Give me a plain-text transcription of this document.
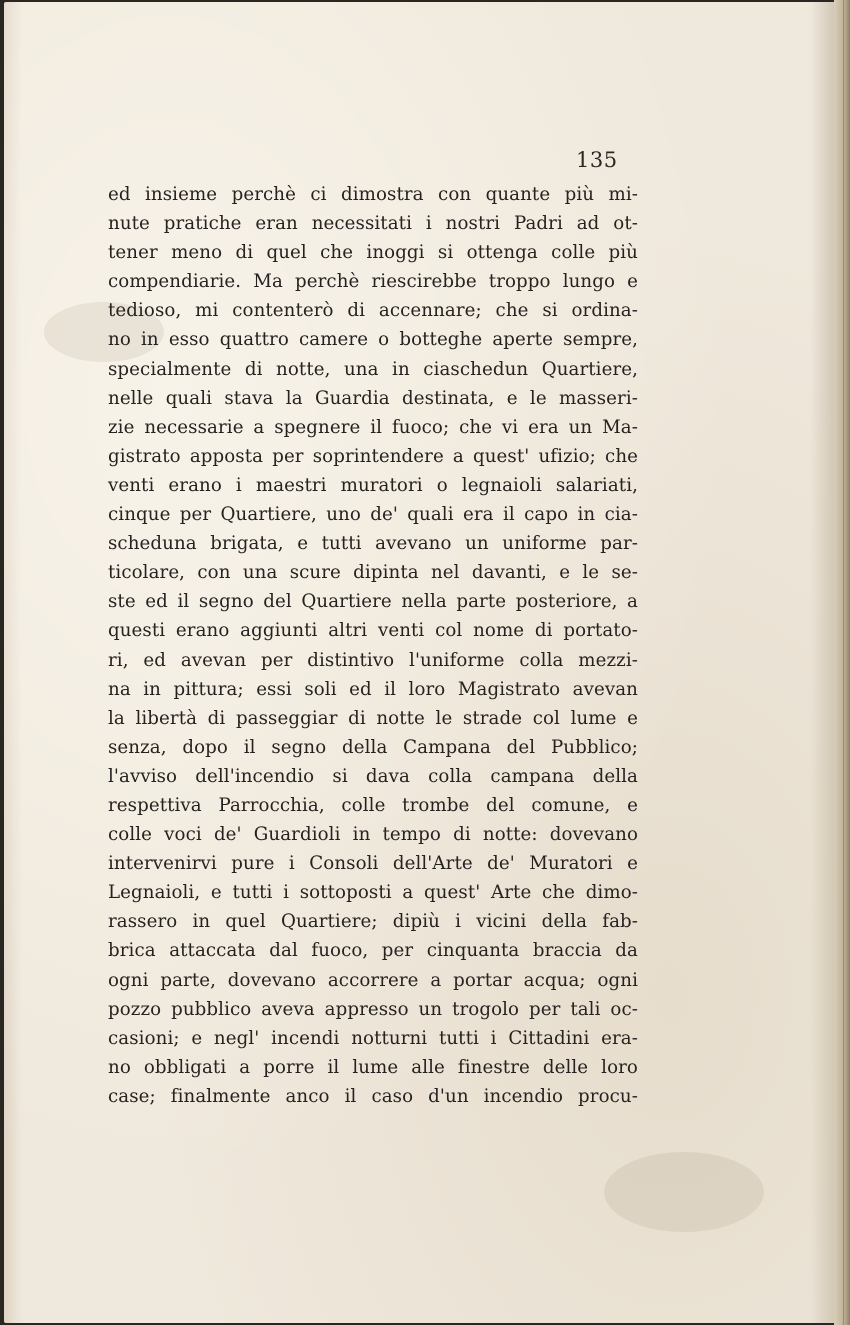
135
ed insieme perchè ci dimostra con quante più mi-
nute pratiche eran necessitati i nostri Padri ad ot-
tener meno di quel che inoggi si ottenga colle più
compendiarie. Ma perchè riescirebbe troppo lungo e
tedioso, mi contenterò di accennare; che si ordina-
no in esso quattro camere o botteghe aperte sempre,
specialmente di notte, una in ciaschedun Quartiere,
nelle quali stava la Guardia destinata, e le masseri-
zie necessarie a spegnere il fuoco; che vi era un Ma-
gistrato apposta per soprintendere a quest' ufizio; che
venti erano i maestri muratori o legnaioli salariati,
cinque per Quartiere, uno de' quali era il capo in cia-
scheduna brigata, e tutti avevano un uniforme par-
ticolare, con una scure dipinta nel davanti, e le se-
ste ed il segno del Quartiere nella parte posteriore, a
questi erano aggiunti altri venti col nome di portato-
ri, ed avevan per distintivo l'uniforme colla mezzi-
na in pittura; essi soli ed il loro Magistrato avevan
la libertà di passeggiar di notte le strade col lume e
senza, dopo il segno della Campana del Pubblico;
l'avviso dell'incendio si dava colla campana della
respettiva Parrocchia, colle trombe del comune, e
colle voci de' Guardioli in tempo di notte: dovevano
intervenirvi pure i Consoli dell'Arte de' Muratori e
Legnaioli, e tutti i sottoposti a quest' Arte che dimo-
rassero in quel Quartiere; dipiù i vicini della fab-
brica attaccata dal fuoco, per cinquanta braccia da
ogni parte, dovevano accorrere a portar acqua; ogni
pozzo pubblico aveva appresso un trogolo per tali oc-
casioni; e negl' incendi notturni tutti i Cittadini era-
no obbligati a porre il lume alle finestre delle loro
case; finalmente anco il caso d'un incendio procu-
